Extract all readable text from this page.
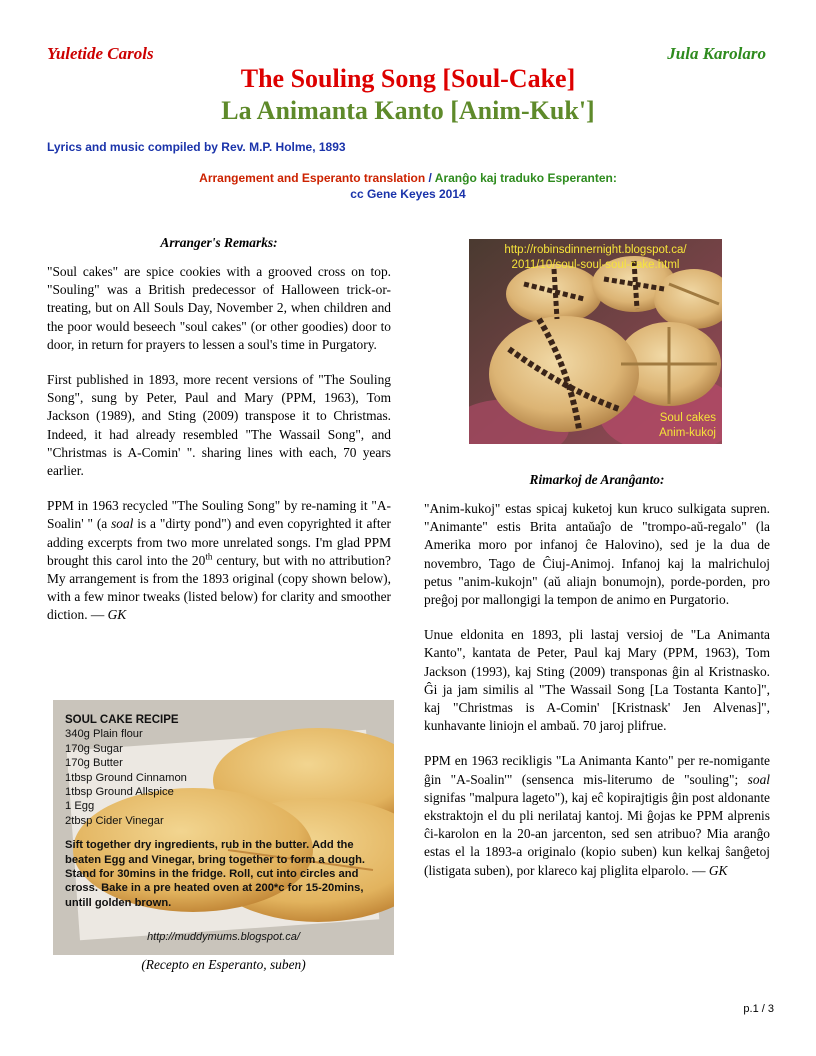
Yuletide Carols	Jula Karolaro
The Souling Song [Soul-Cake]
La Animanta Kanto [Anim-Kuk']
Lyrics and music compiled by Rev. M.P. Holme, 1893
Arrangement and Esperanto translation / Aranĝo kaj traduko Esperanten:
cc Gene Keyes 2014
Arranger's Remarks:

"Soul cakes" are spice cookies with a grooved cross on top. "Souling" was a British predecessor of Halloween trick-or-treating, but on All Souls Day, November 2, when children and the poor would beseech "soul cakes" (or other goodies) door to door, in return for prayers to lessen a soul's time in Purgatory.

First published in 1893, more recent versions of "The Souling Song", sung by Peter, Paul and Mary (PPM, 1963), Tom Jackson (1989), and Sting (2009) transpose it to Christmas. Indeed, it had already resembled "The Wassail Song", and "Christmas is A-Comin' ". sharing lines with each, 70 years earlier.

PPM in 1963 recycled "The Souling Song" by re-naming it "A-Soalin' " (a soal is a "dirty pond") and even copyrighted it after adding excerpts from two more unrelated songs. I'm glad PPM brought this carol into the 20th century, but with no attribution? My arrangement is from the 1893 original (copy shown below), with a few minor tweaks (listed below) for clarity and smoother diction. — GK

http://robinsdinnernight.blogspot.ca/
2011/10/soul-soul-soul-cake.html
Soul cakes
Anim-kukoj
Rimarkoj de Aranĝanto:

"Anim-kukoj" estas spicaj kuketoj kun kruco sulkigata supren. "Animante" estis Brita antaŭaĵo de "trompo-aŭ-regalo" (la Amerika moro por infanoj ĉe Halovino), sed je la dua de novembro, Tago de Ĉiuj-Animoj. Infanoj kaj la malrichuloj petus "anim-kukojn" (aŭ aliajn bonumojn), porde-porden, pro preĝoj por mallongigi la tempon de animo en Purgatorio.

Unue eldonita en 1893, pli lastaj versioj de "La Animanta Kanto", kantata de Peter, Paul kaj Mary (PPM, 1963), Tom Jackson (1993), kaj Sting (2009) transponas ĝin al Kristnasko. Ĝi ja jam similis al "The Wassail Song [La Tostanta Kanto]", kaj "Christmas is A-Comin' [Kristnask' Jen Alvenas]", kunhavante liniojn el ambaŭ. 70 jaroj plifrue.

PPM en 1963 recikligis "La Animanta Kanto" per re-nomigante ĝin "A-Soalin'" (sensenca mis-literumo de "souling"; soal signifas "malpura lageto"), kaj eĉ kopirajtigis ĝin post aldonante ekstraktojn el du pli nerilataj kantoj. Mi ĝojas ke PPM alprenis ĉi-karolon en la 20-an jarcenton, sed sen atribuo? Mia aranĝo estas el la 1893-a originalo (kopio suben) kun kelkaj ŝanĝetoj (listigata suben), por klareco kaj pliglita elparolo. — GK

SOUL CAKE RECIPE
340g Plain flour
170g Sugar
170g Butter
1tbsp Ground Cinnamon
1tbsp Ground Allspice
1 Egg
2tbsp Cider Vinegar
Sift together dry ingredients, rub in the butter. Add the beaten Egg and Vinegar, bring together to form a dough. Stand for 30mins in the fridge. Roll, cut into circles and cross. Bake in a pre heated oven at 200*c for 15-20mins, untill golden brown.
http://muddymums.blogspot.ca/
(Recepto en Esperanto, suben)
p.1 / 3
